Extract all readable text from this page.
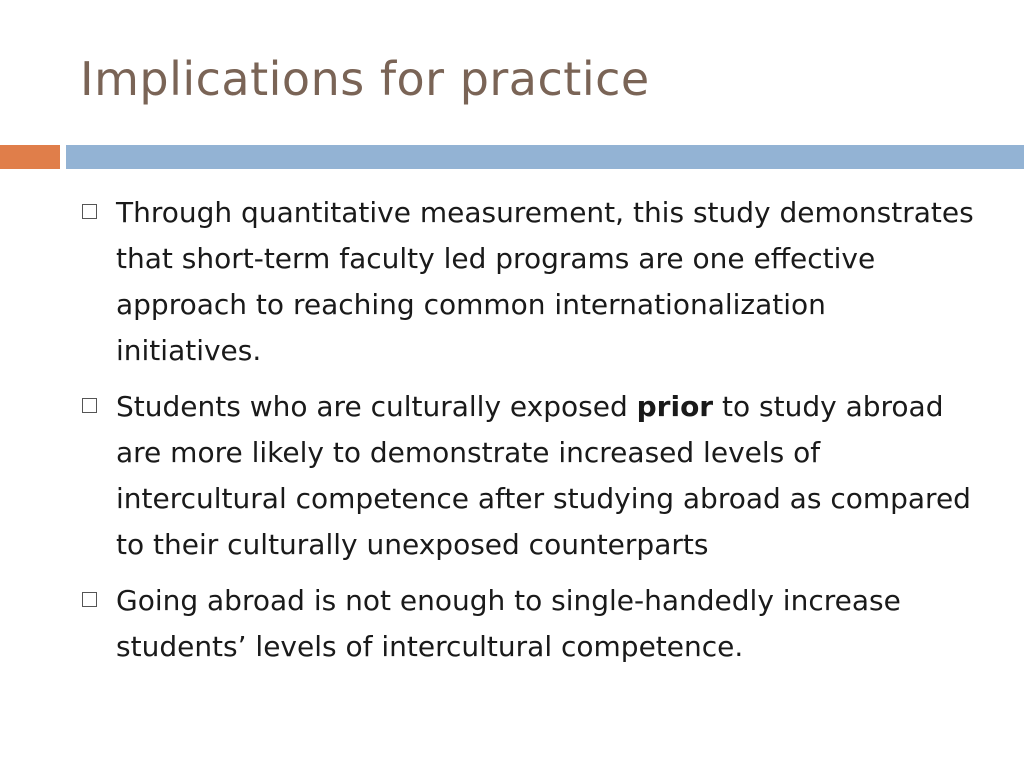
Implications for practice
Through quantitative measurement, this study demonstrates that short-term faculty led programs are one effective approach to reaching common internationalization initiatives.
Students who are culturally exposed prior to study abroad are more likely to demonstrate increased levels of intercultural competence after studying abroad as compared to their culturally unexposed counterparts
Going abroad is not enough to single-handedly increase students’ levels of intercultural competence.
